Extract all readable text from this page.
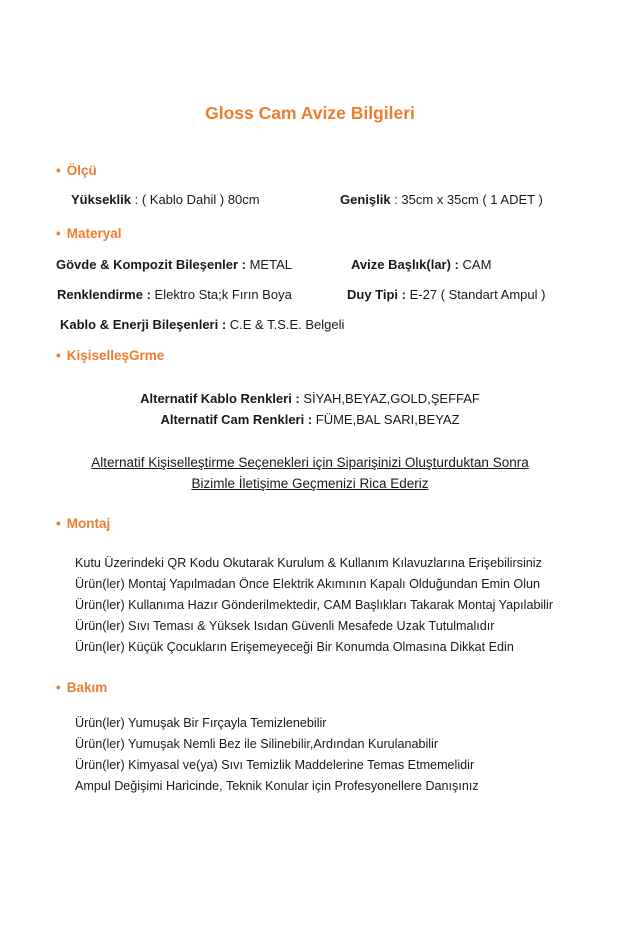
Gloss Cam Avize Bilgileri
• Ölçü
Yükseklik : ( Kablo Dahil ) 80cm	Genişlik : 35cm x 35cm ( 1 ADET )
• Materyal
Gövde & Kompozit Bileşenler : METAL	Avize Başlık(lar) : CAM
Renklendirme : Elektro Sta;k Fırın Boya	Duy Tipi : E-27 ( Standart Ampul )
Kablo & Enerji Bileşenleri : C.E & T.S.E. Belgeli
• KişiselleşGrme
Alternatif Kablo Renkleri : SİYAH,BEYAZ,GOLD,ŞEFFAF
Alternatif Cam Renkleri : FÜME,BAL SARI,BEYAZ
Alternatif Kişiselleştirme Seçenekleri için Siparişinizi Oluşturduktan Sonra
Bizimle İletişime Geçmenizi Rica Ederiz
• Montaj
Kutu Üzerindeki QR Kodu Okutarak Kurulum & Kullanım Kılavuzlarına Erişebilirsiniz
Ürün(ler) Montaj Yapılmadan Önce Elektrik Akımının Kapalı Olduğundan Emin Olun
Ürün(ler) Kullanıma Hazır Gönderilmektedir, CAM Başlıkları Takarak Montaj Yapılabilir
Ürün(ler) Sıvı Teması & Yüksek Isıdan Güvenli Mesafede Uzak Tutulmalıdır
Ürün(ler) Küçük Çocukların Erişemeyeceği Bir Konumda Olmasına Dikkat Edin
• Bakım
Ürün(ler) Yumuşak Bir Fırçayla Temizlenebilir
Ürün(ler) Yumuşak Nemli Bez ile Silinebilir,Ardından Kurulanabilir
Ürün(ler) Kimyasal ve(ya) Sıvı Temizlik Maddelerine Temas Etmemelidir
Ampul Değişimi Haricinde, Teknik Konular için Profesyonellere Danışınız
